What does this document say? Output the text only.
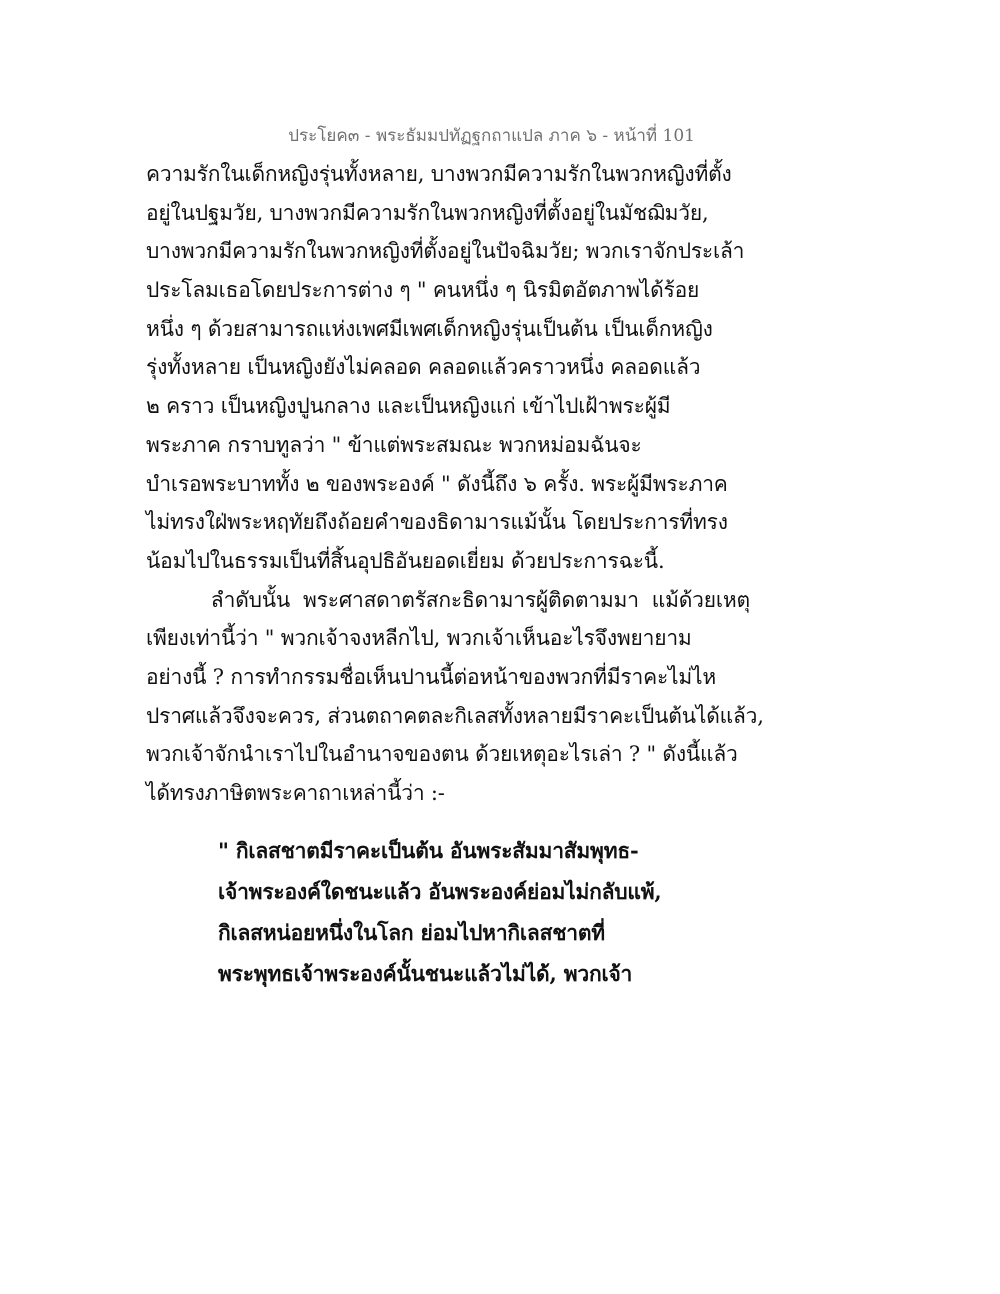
ประโยค๓ - พระธัมมปทัฏฐกถาแปล ภาค ๖ - หน้าที่ 101
ความรักในเด็กหญิงรุ่นทั้งหลาย, บางพวกมีความรักในพวกหญิงที่ตั้ง
อยู่ในปฐมวัย, บางพวกมีความรักในพวกหญิงที่ตั้งอยู่ในมัชฌิมวัย,
บางพวกมีความรักในพวกหญิงที่ตั้งอยู่ในปัจฉิมวัย; พวกเราจักประเล้า
ประโลมเธอโดยประการต่าง ๆ " คนหนึ่ง ๆ นิรมิตอัตภาพได้ร้อย
หนึ่ง ๆ ด้วยสามารถแห่งเพศมีเพศเด็กหญิงรุ่นเป็นต้น เป็นเด็กหญิง
รุ่งทั้งหลาย เป็นหญิงยังไม่คลอด คลอดแล้วคราวหนึ่ง คลอดแล้ว
๒ คราว เป็นหญิงปูนกลาง และเป็นหญิงแก่ เข้าไปเฝ้าพระผู้มี
พระภาค กราบทูลว่า " ข้าแต่พระสมณะ พวกหม่อมฉันจะ
บำเรอพระบาททั้ง ๒ ของพระองค์ " ดังนี้ถึง ๖ ครั้ง. พระผู้มีพระภาค
ไม่ทรงใฝ่พระหฤทัยถึงถ้อยคำของธิดามารแม้นั้น โดยประการที่ทรง
น้อมไปในธรรมเป็นที่สิ้นอุปธิอันยอดเยี่ยม ด้วยประการฉะนี้.
ลำดับนั้น  พระศาสดาตรัสกะธิดามารผู้ติดตามมา  แม้ด้วยเหตุ
เพียงเท่านี้ว่า " พวกเจ้าจงหลีกไป, พวกเจ้าเห็นอะไรจึงพยายาม
อย่างนี้ ? การทำกรรมชื่อเห็นปานนี้ต่อหน้าของพวกที่มีราคะไม่ไห
ปราศแล้วจึงจะควร, ส่วนตถาคตละกิเลสทั้งหลายมีราคะเป็นต้นได้แล้ว,
พวกเจ้าจักนำเราไปในอำนาจของตน ด้วยเหตุอะไรเล่า ? " ดังนี้แล้ว
ได้ทรงภาษิตพระคาถาเหล่านี้ว่า :-
" กิเลสชาตมีราคะเป็นต้น อันพระสัมมาสัมพุทธ-
เจ้าพระองค์ใดชนะแล้ว อันพระองค์ย่อมไม่กลับแพ้,
กิเลสหน่อยหนึ่งในโลก ย่อมไปหากิเลสชาตที่
พระพุทธเจ้าพระองค์นั้นชนะแล้วไม่ได้, พวกเจ้า
